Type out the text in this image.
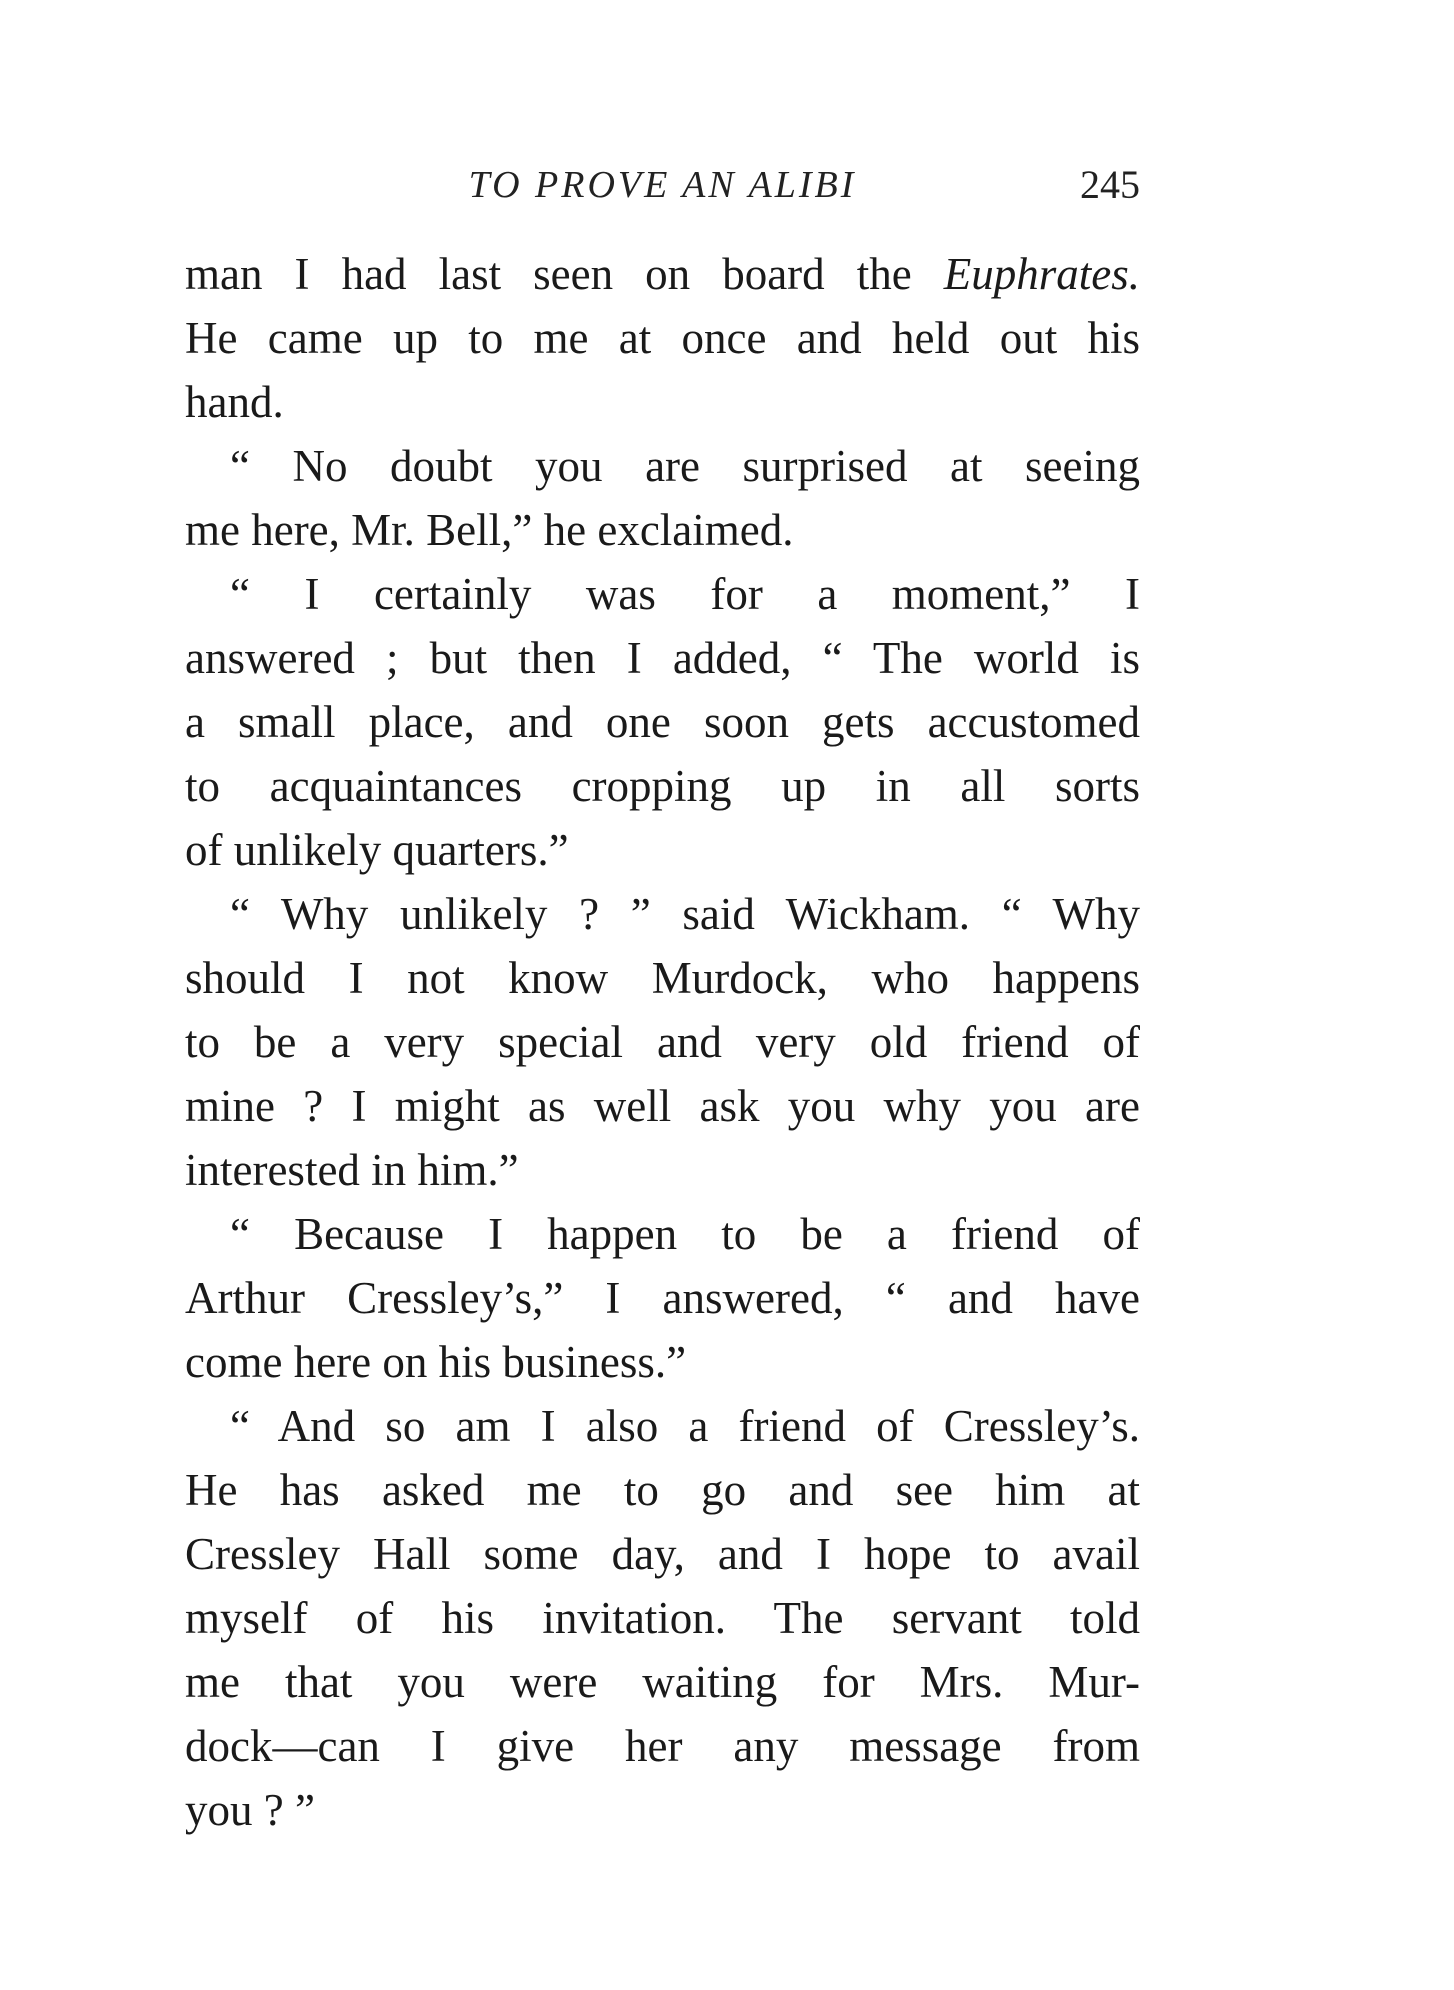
TO PROVE AN ALIBI	245
man I had last seen on board the Euphrates.
He came up to me at once and held out his
hand.
“ No doubt you are surprised at seeing
me here, Mr. Bell,” he exclaimed.
“ I certainly was for a moment,” I
answered ; but then I added, “ The world is
a small place, and one soon gets accustomed
to acquaintances cropping up in all sorts
of unlikely quarters.”
“ Why unlikely ? ” said Wickham. “ Why
should I not know Murdock, who happens
to be a very special and very old friend of
mine ? I might as well ask you why you are
interested in him.”
“ Because I happen to be a friend of
Arthur Cressley’s,” I answered, “ and have
come here on his business.”
“ And so am I also a friend of Cressley’s.
He has asked me to go and see him at
Cressley Hall some day, and I hope to avail
myself of his invitation. The servant told
me that you were waiting for Mrs. Mur-
dock—can I give her any message from
you ? ”
